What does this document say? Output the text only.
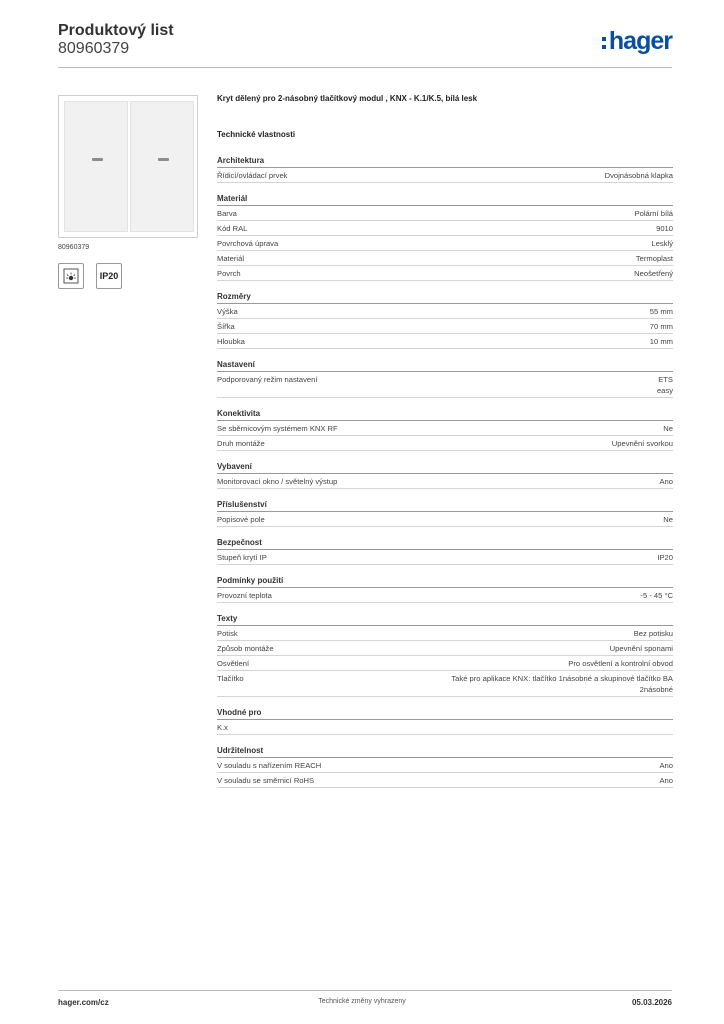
Produktový list
80960379	hager
80960379
IP20
Kryt dělený pro 2-násobný tlačítkový modul , KNX - K.1/K.5, bílá lesk
Technické vlastnosti
Architektura
Řídicí/ovládací prvek	Dvojnásobná klapka
Materiál
Barva	Polární bílá
Kód RAL	9010
Povrchová úprava	Lesklý
Materiál	Termoplast
Povrch	Neošetřený
Rozměry
Výška	55 mm
Šířka	70 mm
Hloubka	10 mm
Nastavení
Podporovaný režim nastavení	ETS
easy
Konektivita
Se sběrnicovým systémem KNX RF	Ne
Druh montáže	Upevnění svorkou
Vybavení
Monitorovací okno / světelný výstup	Ano
Příslušenství
Popisové pole	Ne
Bezpečnost
Stupeň krytí IP	IP20
Podmínky použití
Provozní teplota	-5 - 45 °C
Texty
Potisk	Bez potisku
Způsob montáže	Upevnění sponami
Osvětlení	Pro osvětlení a kontrolní obvod
Tlačítko	Také pro aplikace KNX: tlačítko 1násobné a skupinové tlačítko BA
2násobné
Vhodné pro
K.x
Udržitelnost
V souladu s nařízením REACH	Ano
V souladu se směrnicí RoHS	Ano
hager.com/cz	Technické změny vyhrazeny	05.03.2026
